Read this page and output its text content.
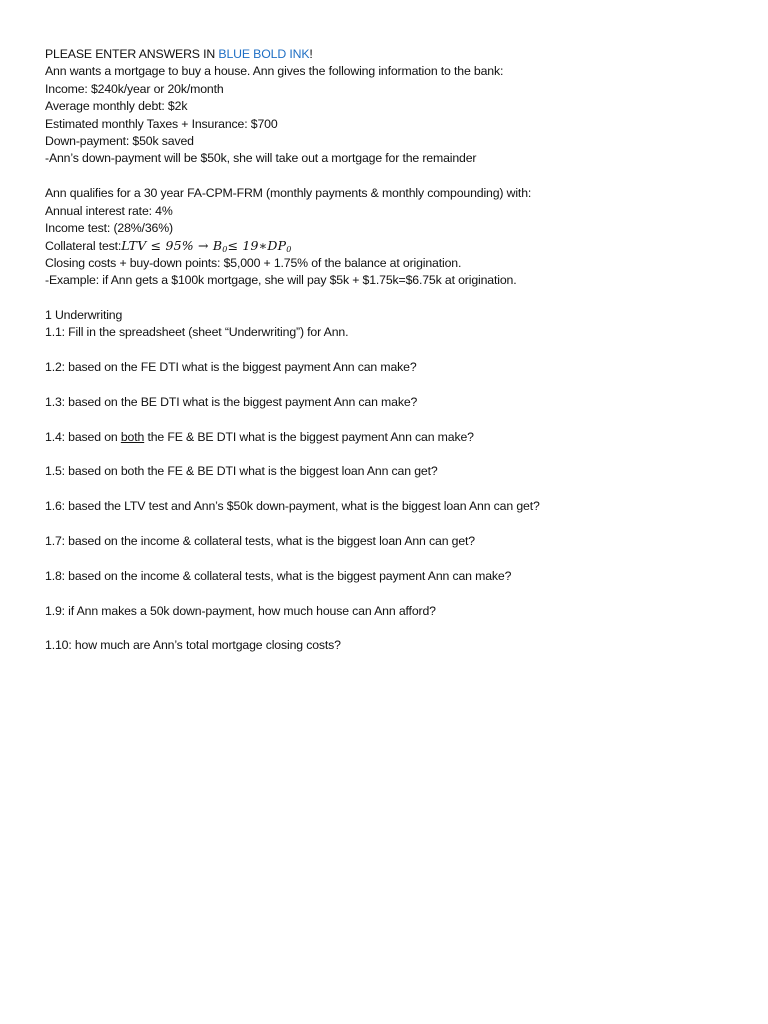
PLEASE ENTER ANSWERS IN BLUE BOLD INK!
Ann wants a mortgage to buy a house. Ann gives the following information to the bank:
Income: $240k/year or 20k/month
Average monthly debt: $2k
Estimated monthly Taxes + Insurance: $700
Down-payment: $50k saved
-Ann’s down-payment will be $50k, she will take out a mortgage for the remainder
Ann qualifies for a 30 year FA-CPM-FRM (monthly payments & monthly compounding) with:
Annual interest rate: 4%
Income test: (28%/36%)
Collateral test:LTV ≤ $95\% \to B_0\le$ $19∗DP_0$
Closing costs + buy-down points: $5,000 + 1.75% of the balance at origination.
-Example: if Ann gets a $100k mortgage, she will pay $5k + $1.75k=$6.75k at origination.
1 Underwriting
1.1: Fill in the spreadsheet (sheet “Underwriting”) for Ann.
1.2: based on the FE DTI what is the biggest payment Ann can make?
1.3: based on the BE DTI what is the biggest payment Ann can make?
1.4: based on both the FE & BE DTI what is the biggest payment Ann can make?
1.5: based on both the FE & BE DTI what is the biggest loan Ann can get?
1.6: based the LTV test and Ann’s $50k down-payment, what is the biggest loan Ann can get?
1.7: based on the income & collateral tests, what is the biggest loan Ann can get?
1.8: based on the income & collateral tests, what is the biggest payment Ann can make?
1.9: if Ann makes a 50k down-payment, how much house can Ann afford?
1.10: how much are Ann’s total mortgage closing costs?
